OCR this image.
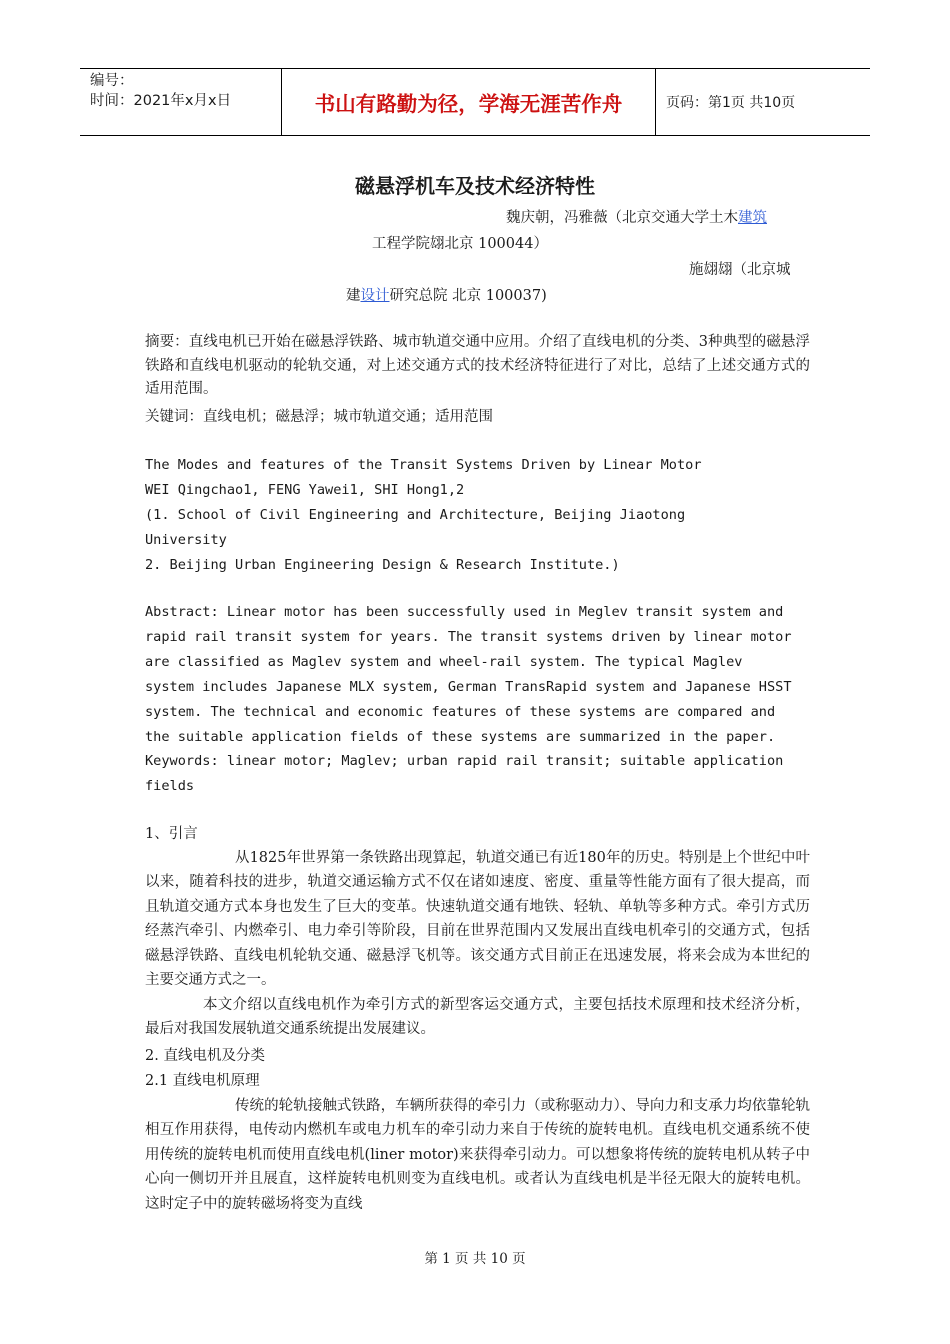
编号：
时间：2021年x月x日	书山有路勤为径，学海无涯苦作舟	页码：第1页 共10页
磁悬浮机车及技术经济特性
魏庆朝，冯雅薇（北京交通大学土木建筑
工程学院翃北京 100044）
施翃翃（北京城
建设计研究总院 北京 100037)
摘要：直线电机已开始在磁悬浮铁路、城市轨道交通中应用。介绍了直线电机的分类、3种典型的磁悬浮铁路和直线电机驱动的轮轨交通，对上述交通方式的技术经济特征进行了对比，总结了上述交通方式的适用范围。
关键词：直线电机；磁悬浮；城市轨道交通；适用范围
The Modes and features of the Transit Systems Driven by Linear Motor
WEI Qingchao1, FENG Yawei1, SHI Hong1,2
(1. School of Civil Engineering and Architecture, Beijing Jiaotong
University
2. Beijing Urban Engineering Design & Research Institute.)
Abstract: Linear motor has been successfully used in Meglev transit system and
rapid rail transit system for years. The transit systems driven by linear motor
are classified as Maglev system and wheel-rail system. The typical Maglev
system includes Japanese MLX system, German TransRapid system and Japanese HSST
system. The technical and economic features of these systems are compared and
the suitable application fields of these systems are summarized in the paper.
Keywords: linear motor; Maglev; urban rapid rail transit; suitable application
fields
1、引言
从1825年世界第一条铁路出现算起，轨道交通已有近180年的历史。特别是上个世纪中叶以来，随着科技的进步，轨道交通运输方式不仅在诸如速度、密度、重量等性能方面有了很大提高，而且轨道交通方式本身也发生了巨大的变革。快速轨道交通有地铁、轻轨、单轨等多种方式。牵引方式历经蒸汽牵引、内燃牵引、电力牵引等阶段，目前在世界范围内又发展出直线电机牵引的交通方式，包括磁悬浮铁路、直线电机轮轨交通、磁悬浮飞机等。该交通方式目前正在迅速发展，将来会成为本世纪的主要交通方式之一。
本文介绍以直线电机作为牵引方式的新型客运交通方式，主要包括技术原理和技术经济分析，最后对我国发展轨道交通系统提出发展建议。
2. 直线电机及分类
2.1 直线电机原理
传统的轮轨接触式铁路，车辆所获得的牵引力（或称驱动力）、导向力和支承力均依靠轮轨相互作用获得，电传动内燃机车或电力机车的牵引动力来自于传统的旋转电机。直线电机交通系统不使用传统的旋转电机而使用直线电机(liner motor)来获得牵引动力。可以想象将传统的旋转电机从转子中心向一侧切开并且展直，这样旋转电机则变为直线电机。或者认为直线电机是半径无限大的旋转电机。这时定子中的旋转磁场将变为直线
第 1 页 共 10 页
